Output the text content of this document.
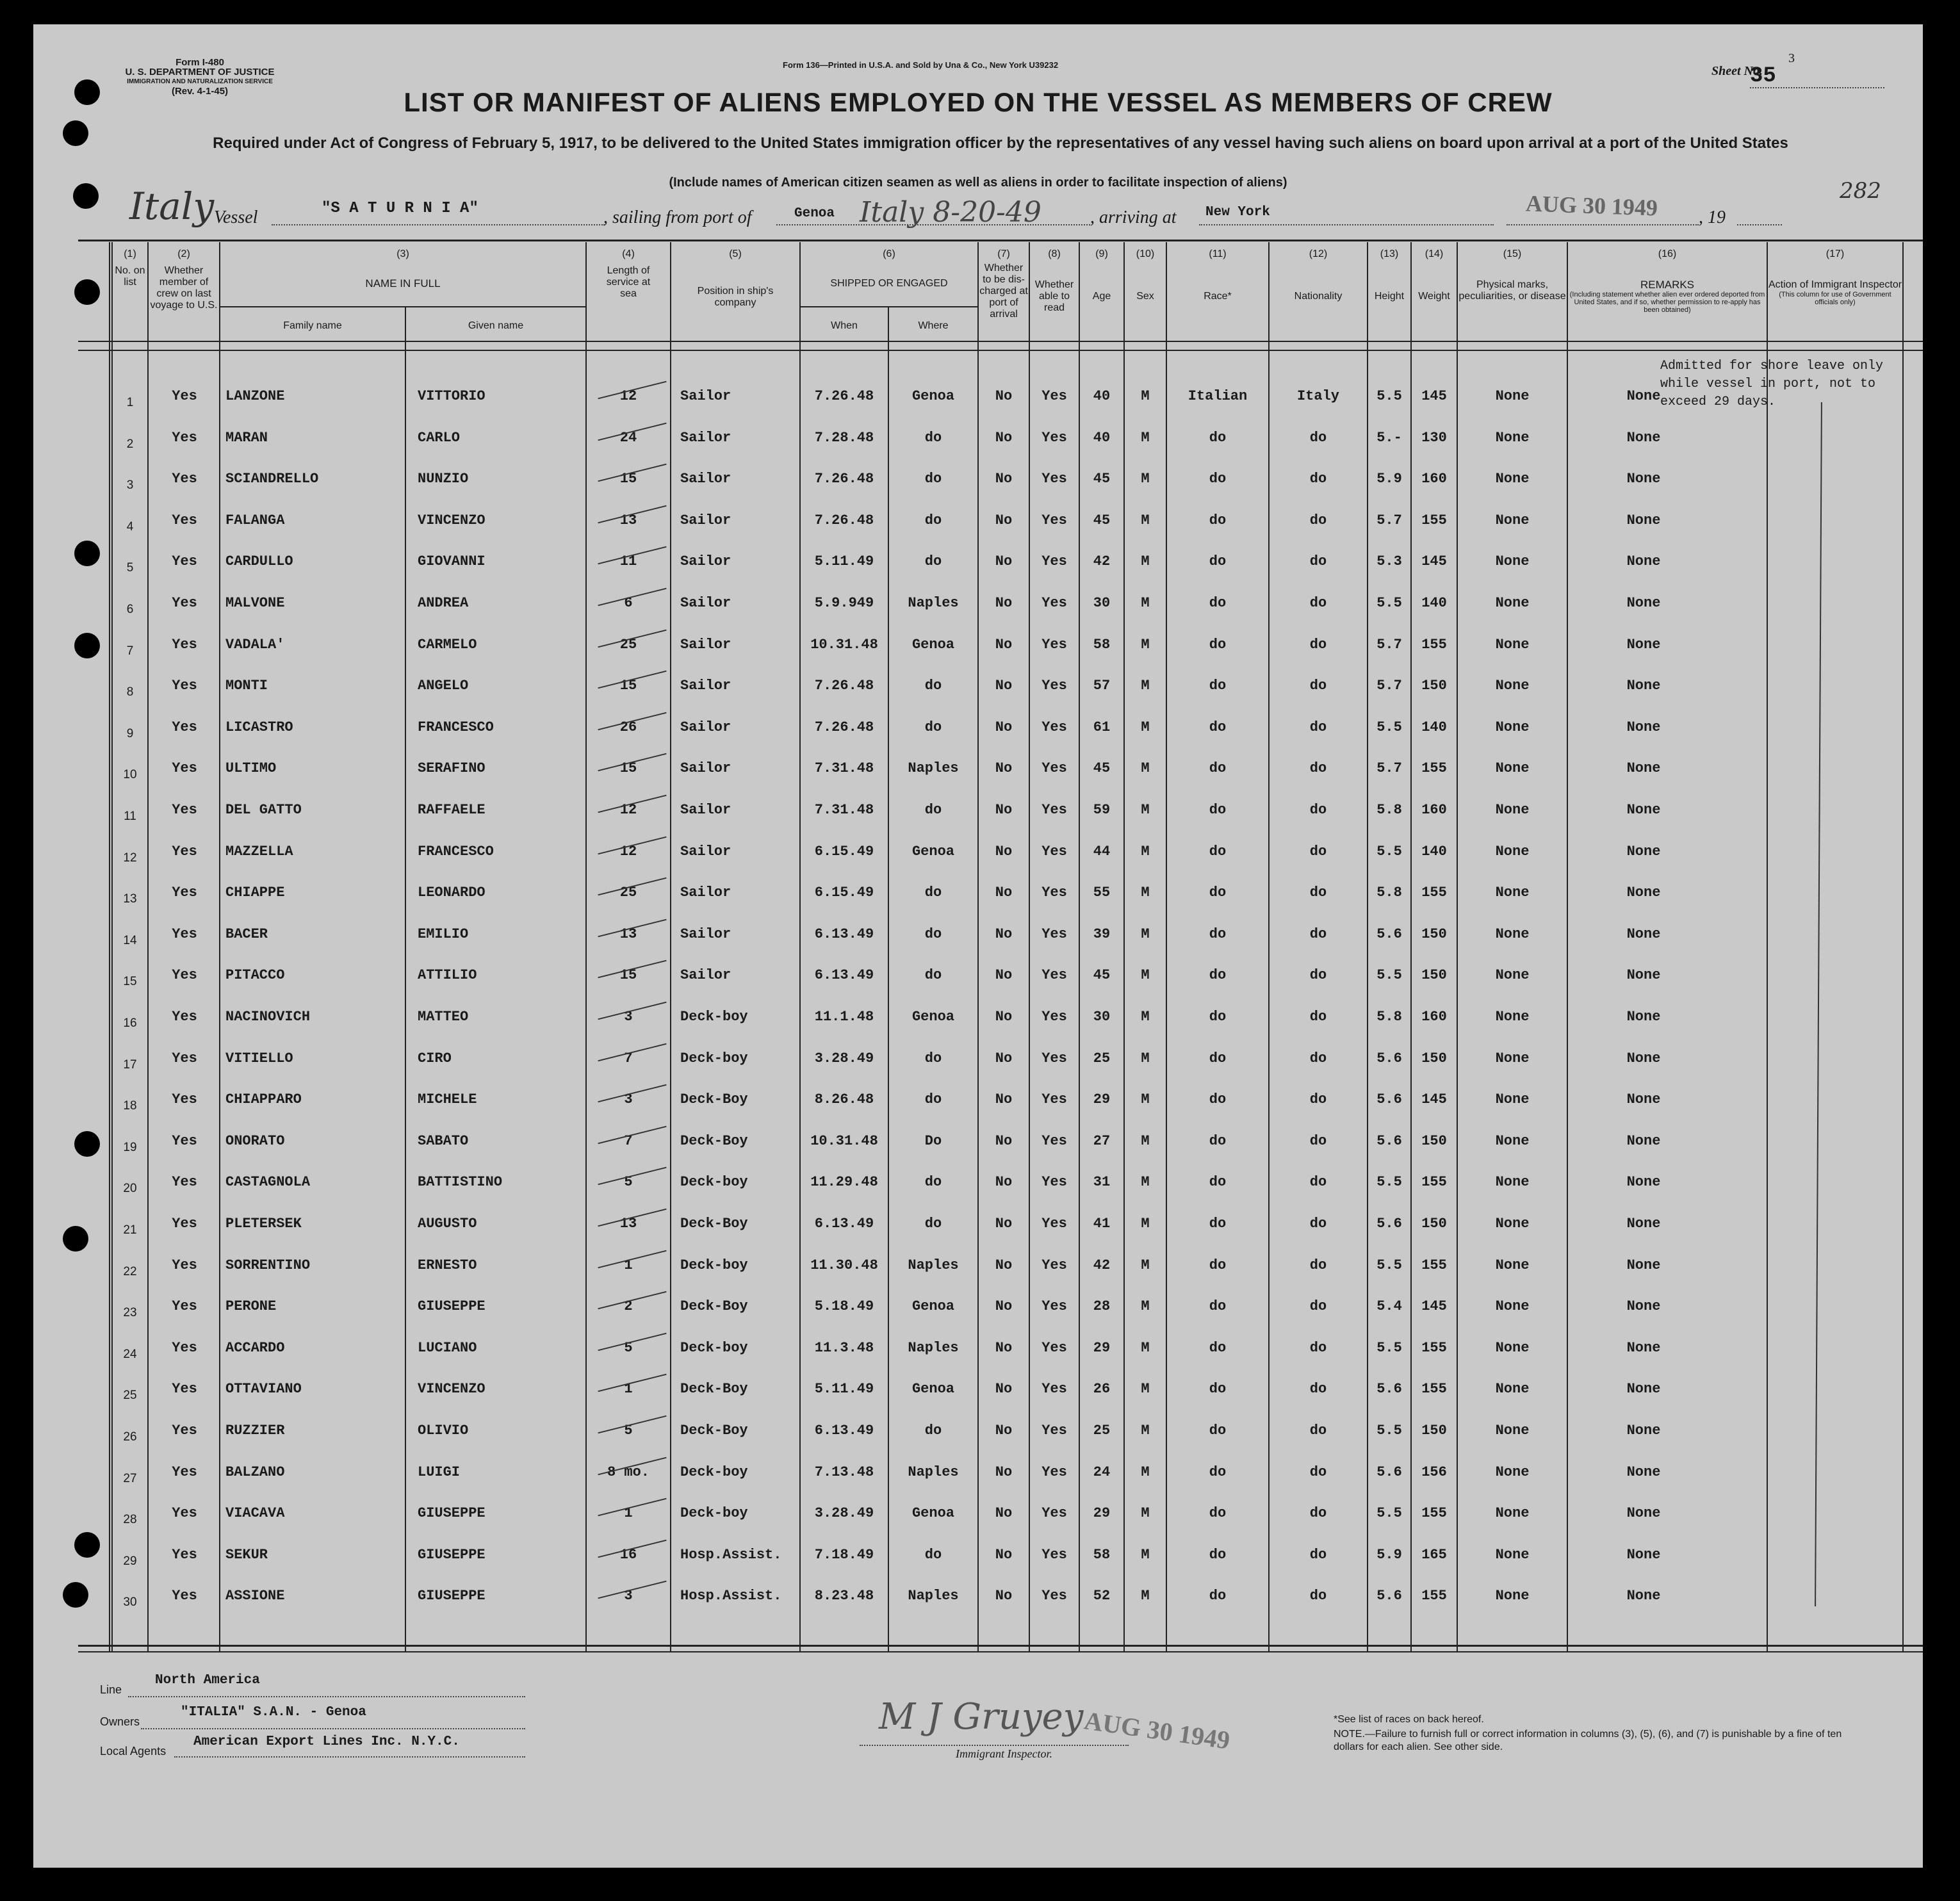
Form I-480
U. S. DEPARTMENT OF JUSTICE
IMMIGRATION AND NATURALIZATION SERVICE
(Rev. 4-1-45)
Form 136—Printed in U.S.A. and Sold by Una & Co., New York U39232	Sheet No.
3
35
LIST OR MANIFEST OF ALIENS EMPLOYED ON THE VESSEL AS MEMBERS OF CREW
Required under Act of Congress of February 5, 1917, to be delivered to the United States immigration officer by the representatives of any vessel having such aliens on board upon arrival at a port of the United States
(Include names of American citizen seamen as well as aliens in order to facilitate inspection of aliens)
Italy Vessel	"S A T U R N I A"	, sailing from port of	Genoa Italy 8-20-49	, arriving at New York	AUG 30 1949 , 19
282
(1)
No. on list
(2)
Whether member of crew on last voyage to U.S.
(3)
NAME IN FULL
Family name	Given name
(4)
Length of service at sea
(5)
Position in ship's company
(6)
SHIPPED OR ENGAGED
When	Where
(7)
Whether to be dis-charged at port of arrival
(8)
Whether able to read
(9)
Age
(10)
Sex
(11)
Race*
(12)
Nationality
(13)
Height
(14)
Weight
(15)
Physical marks, peculiarities, or disease
(16)
REMARKS
(Including statement whether alien ever ordered deported from United States, and if so, whether permission to re-apply has been obtained)
(17)
Action of Immigrant Inspector
(This column for use of Government officials only)
Admitted for shore leave only
while vessel in port, not to
exceed 29 days.
1	Yes	LANZONE	VITTORIO	12	Sailor	7.26.48	Genoa	No	Yes	40	M	Italian	Italy	5.5	145	None	None
2	Yes	MARAN	CARLO	24	Sailor	7.28.48	do	No	Yes	40	M	do	do	5.-	130	None	None
3	Yes	SCIANDRELLO	NUNZIO	15	Sailor	7.26.48	do	No	Yes	45	M	do	do	5.9	160	None	None
4	Yes	FALANGA	VINCENZO	13	Sailor	7.26.48	do	No	Yes	45	M	do	do	5.7	155	None	None
5	Yes	CARDULLO	GIOVANNI	11	Sailor	5.11.49	do	No	Yes	42	M	do	do	5.3	145	None	None
6	Yes	MALVONE	ANDREA	6	Sailor	5.9.949	Naples	No	Yes	30	M	do	do	5.5	140	None	None
7	Yes	VADALA'	CARMELO	25	Sailor	10.31.48	Genoa	No	Yes	58	M	do	do	5.7	155	None	None
8	Yes	MONTI	ANGELO	15	Sailor	7.26.48	do	No	Yes	57	M	do	do	5.7	150	None	None
9	Yes	LICASTRO	FRANCESCO	26	Sailor	7.26.48	do	No	Yes	61	M	do	do	5.5	140	None	None
10	Yes	ULTIMO	SERAFINO	15	Sailor	7.31.48	Naples	No	Yes	45	M	do	do	5.7	155	None	None
11	Yes	DEL GATTO	RAFFAELE	12	Sailor	7.31.48	do	No	Yes	59	M	do	do	5.8	160	None	None
12	Yes	MAZZELLA	FRANCESCO	12	Sailor	6.15.49	Genoa	No	Yes	44	M	do	do	5.5	140	None	None
13	Yes	CHIAPPE	LEONARDO	25	Sailor	6.15.49	do	No	Yes	55	M	do	do	5.8	155	None	None
14	Yes	BACER	EMILIO	13	Sailor	6.13.49	do	No	Yes	39	M	do	do	5.6	150	None	None
15	Yes	PITACCO	ATTILIO	15	Sailor	6.13.49	do	No	Yes	45	M	do	do	5.5	150	None	None
16	Yes	NACINOVICH	MATTEO	3	Deck-boy	11.1.48	Genoa	No	Yes	30	M	do	do	5.8	160	None	None
17	Yes	VITIELLO	CIRO	7	Deck-boy	3.28.49	do	No	Yes	25	M	do	do	5.6	150	None	None
18	Yes	CHIAPPARO	MICHELE	3	Deck-Boy	8.26.48	do	No	Yes	29	M	do	do	5.6	145	None	None
19	Yes	ONORATO	SABATO	7	Deck-Boy	10.31.48	Do	No	Yes	27	M	do	do	5.6	150	None	None
20	Yes	CASTAGNOLA	BATTISTINO	5	Deck-boy	11.29.48	do	No	Yes	31	M	do	do	5.5	155	None	None
21	Yes	PLETERSEK	AUGUSTO	13	Deck-Boy	6.13.49	do	No	Yes	41	M	do	do	5.6	150	None	None
22	Yes	SORRENTINO	ERNESTO	1	Deck-boy	11.30.48	Naples	No	Yes	42	M	do	do	5.5	155	None	None
23	Yes	PERONE	GIUSEPPE	2	Deck-Boy	5.18.49	Genoa	No	Yes	28	M	do	do	5.4	145	None	None
24	Yes	ACCARDO	LUCIANO	5	Deck-boy	11.3.48	Naples	No	Yes	29	M	do	do	5.5	155	None	None
25	Yes	OTTAVIANO	VINCENZO	1	Deck-Boy	5.11.49	Genoa	No	Yes	26	M	do	do	5.6	155	None	None
26	Yes	RUZZIER	OLIVIO	5	Deck-Boy	6.13.49	do	No	Yes	25	M	do	do	5.5	150	None	None
27	Yes	BALZANO	LUIGI	8 mo.	Deck-boy	7.13.48	Naples	No	Yes	24	M	do	do	5.6	156	None	None
28	Yes	VIACAVA	GIUSEPPE	1	Deck-boy	3.28.49	Genoa	No	Yes	29	M	do	do	5.5	155	None	None
29	Yes	SEKUR	GIUSEPPE	16	Hosp.Assist.	7.18.49	do	No	Yes	58	M	do	do	5.9	165	None	None
30	Yes	ASSIONE	GIUSEPPE	3	Hosp.Assist.	8.23.48	Naples	No	Yes	52	M	do	do	5.6	155	None	None
Line
North America
Owners
"ITALIA" S.A.N. - Genoa
Local Agents
American Export Lines Inc. N.Y.C.
M J Gruyey
Immigrant Inspector. AUG 30 1949	*See list of races on back hereof.
NOTE.—Failure to furnish full or correct information in columns (3), (5), (6), and (7) is punishable by a fine of ten dollars for each alien. See other side.
